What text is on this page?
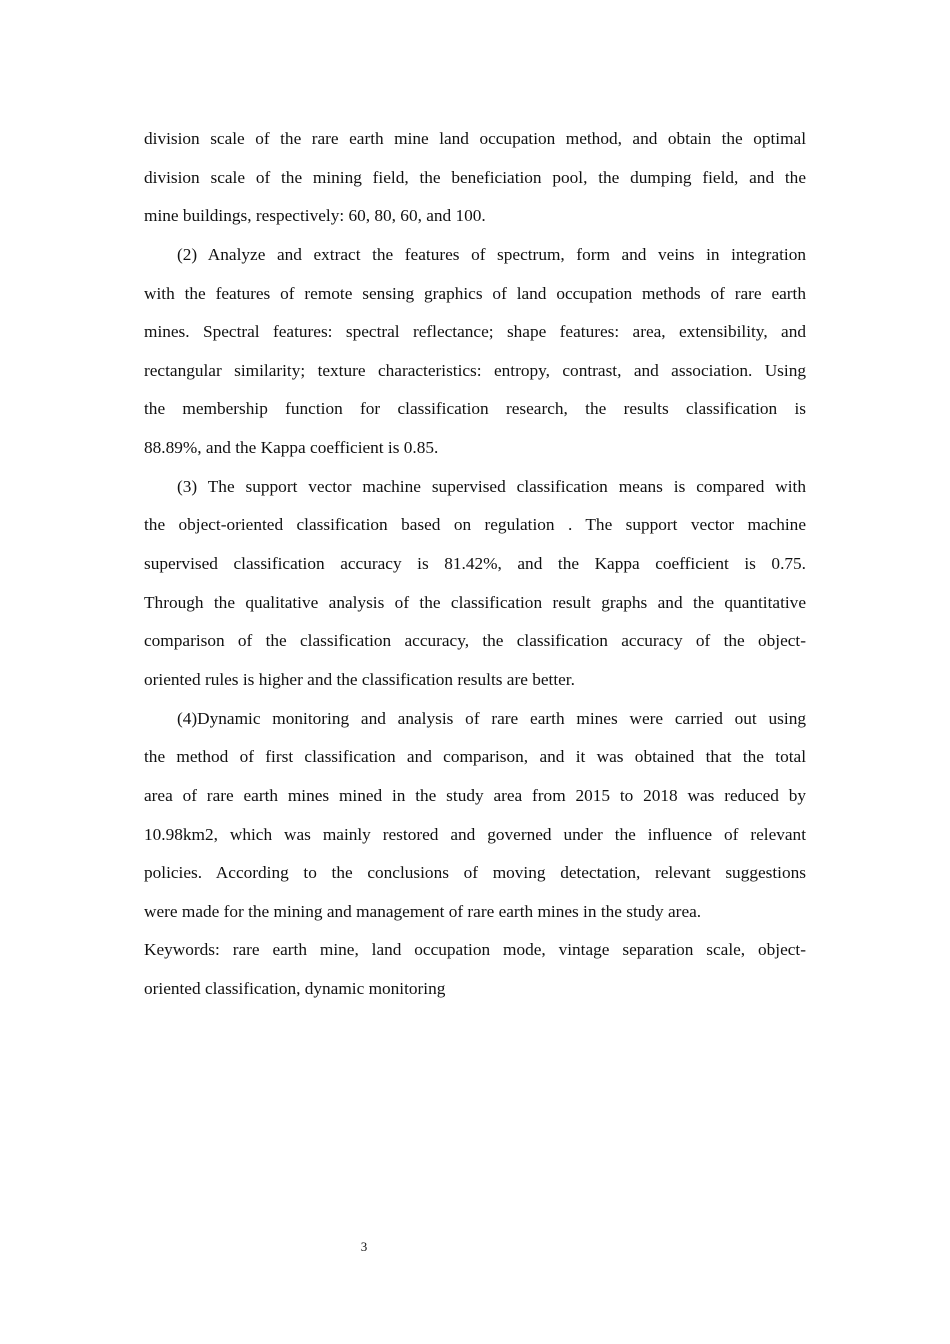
division scale of the rare earth mine land occupation method, and obtain the optimal
division scale of the mining field, the beneficiation pool, the dumping field, and the
mine buildings, respectively: 60, 80, 60, and 100.
(2) Analyze and extract the features of spectrum, form and veins in integration
with the features of remote sensing graphics of land occupation methods of rare earth
mines. Spectral features: spectral reflectance; shape features: area, extensibility, and
rectangular similarity; texture characteristics: entropy, contrast, and association. Using
the membership function for classification research, the results classification is
88.89%, and the Kappa coefficient is 0.85.
(3) The support vector machine supervised classification means is compared with
the object-oriented classification based on regulation . The support vector machine
supervised classification accuracy is 81.42%, and the Kappa coefficient is 0.75.
Through the qualitative analysis of the classification result graphs and the quantitative
comparison of the classification accuracy, the classification accuracy of the object-
oriented rules is higher and the classification results are better.
(4)Dynamic monitoring and analysis of rare earth mines were carried out using
the method of first classification and comparison, and it was obtained that the total
area of rare earth mines mined in the study area from 2015 to 2018 was reduced by
10.98km2, which was mainly restored and governed under the influence of relevant
policies. According to the conclusions of moving detectation, relevant suggestions
were made for the mining and management of rare earth mines in the study area.
Keywords: rare earth mine, land occupation mode, vintage separation scale, object-
oriented classification, dynamic monitoring
3
